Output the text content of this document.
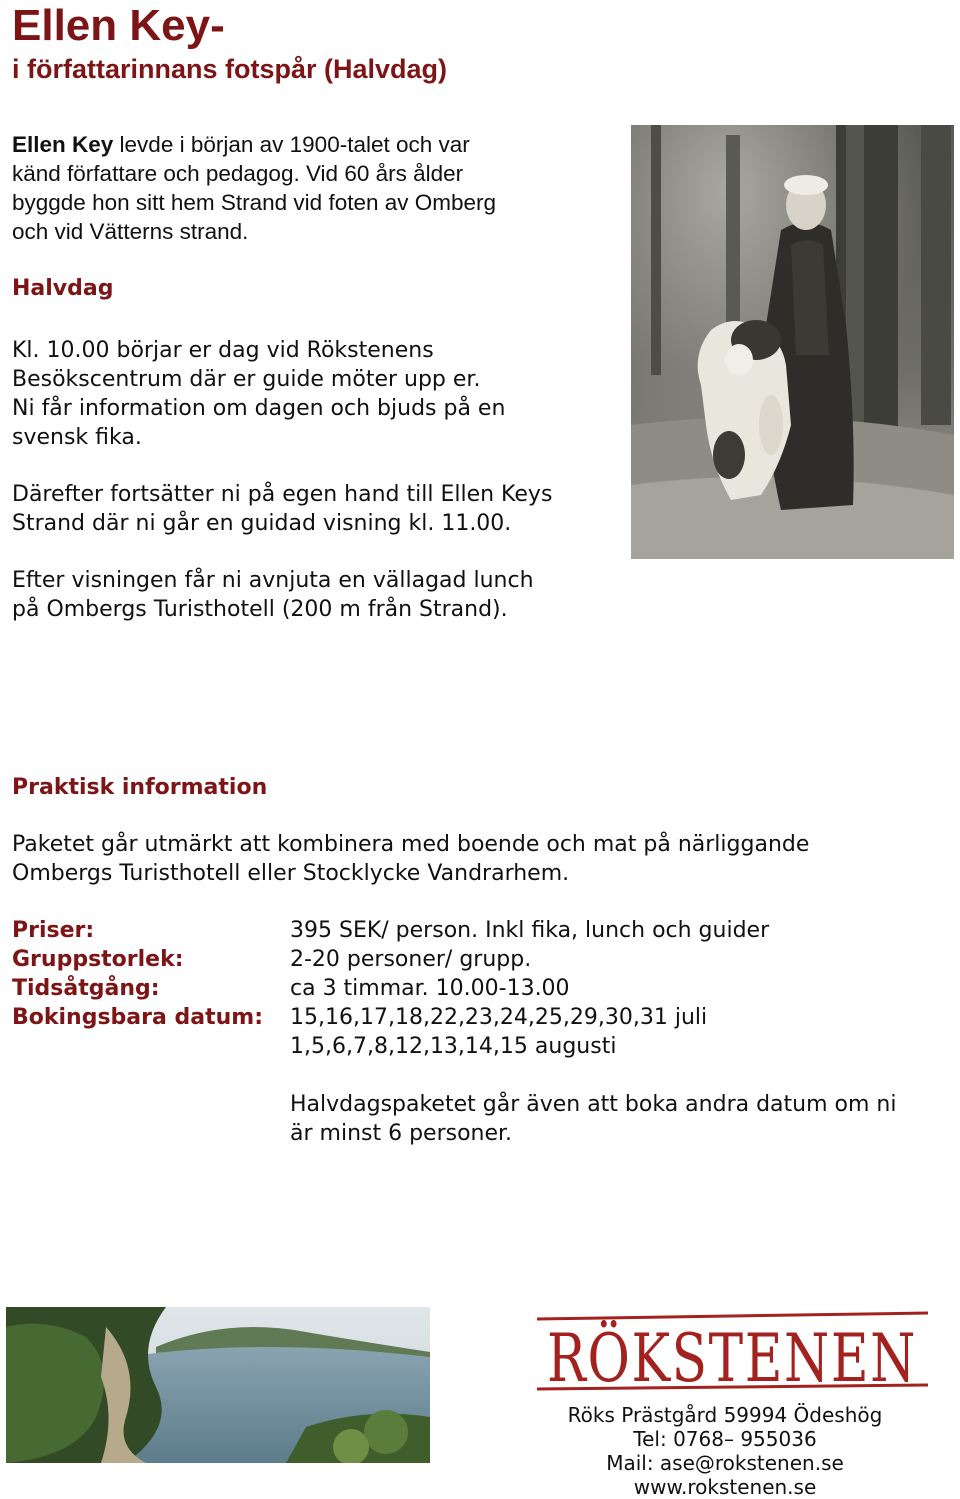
Ellen Key-
i författarinnans fotspår (Halvdag)
Ellen Key levde i början av 1900-talet och var
känd författare och pedagog. Vid 60 års ålder
byggde hon sitt hem Strand vid foten av Omberg
och vid Vätterns strand.
Halvdag
Kl. 10.00 börjar er dag vid Rökstenens
Besökscentrum där er guide möter upp er.
Ni får information om dagen och bjuds på en
svensk fika.
Därefter fortsätter ni på egen hand till Ellen Keys
Strand där ni går en guidad visning kl. 11.00.
Efter visningen får ni avnjuta en vällagad lunch
på Ombergs Turisthotell (200 m från Strand).
Praktisk information
Paketet går utmärkt att kombinera med boende och mat på närliggande
Ombergs Turisthotell eller Stocklycke Vandrarhem.
Priser:	395 SEK/ person. Inkl fika, lunch och guider
Gruppstorlek:	2-20 personer/ grupp.
Tidsåtgång:	ca 3 timmar. 10.00-13.00
Bokingsbara datum: 15,16,17,18,22,23,24,25,29,30,31 juli
1,5,6,7,8,12,13,14,15 augusti
Halvdagspaketet går även att boka andra datum om ni
är minst 6 personer.
RÖKSTENEN
Röks Prästgård 59994 Ödeshög
Tel: 0768– 955036
Mail: ase@rokstenen.se
www.rokstenen.se
